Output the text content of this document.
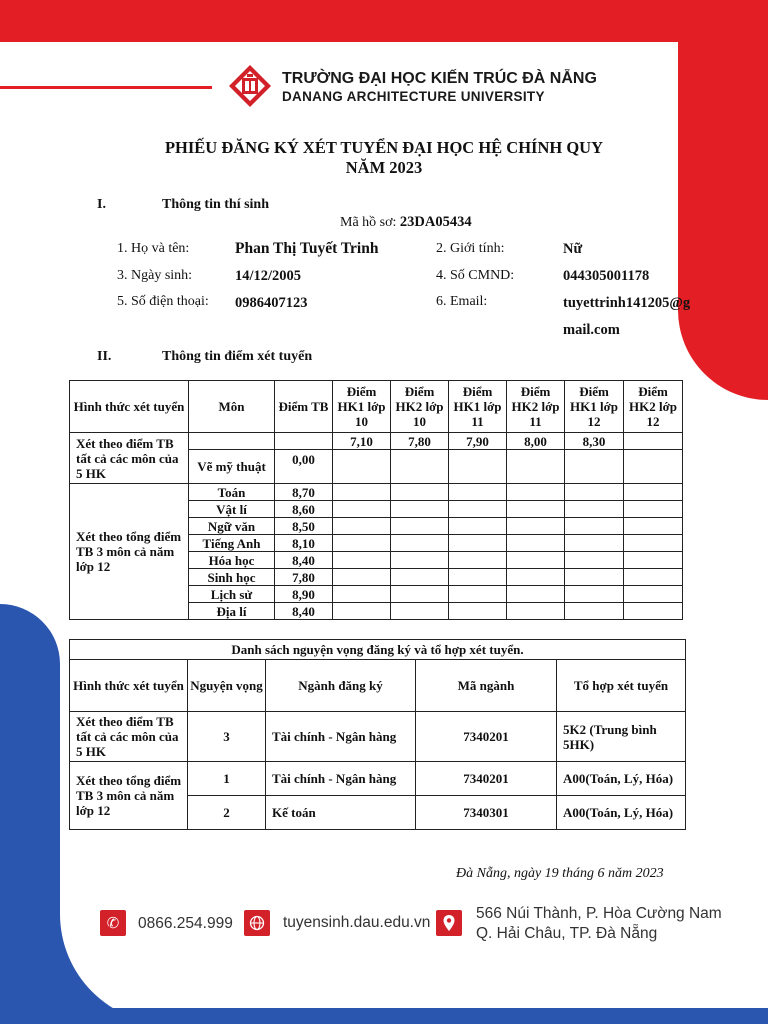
TRƯỜNG ĐẠI HỌC KIẾN TRÚC ĐÀ NẴNG
DANANG ARCHITECTURE UNIVERSITY
PHIẾU ĐĂNG KÝ XÉT TUYỂN ĐẠI HỌC HỆ CHÍNH QUY
NĂM 2023
I.	Thông tin thí sinh
Mã hồ sơ: 23DA05434
1. Họ và tên:	Phan Thị Tuyết Trinh	2. Giới tính:	Nữ
3. Ngày sinh:	14/12/2005	4. Số CMND:	044305001178
5. Số điện thoại: 0986407123	6. Email:	tuyettrinh141205@g
mail.com
II.	Thông tin điểm xét tuyển
Hình thức xét tuyển	Môn	Điểm TB	Điểm HK1 lớp 10	Điểm HK2 lớp 10	Điểm HK1 lớp 11	Điểm HK2 lớp 11	Điểm HK1 lớp 12	Điểm HK2 lớp 12
Xét theo điểm TB tất cả các môn của 5 HK			7,10	7,80	7,90	8,00	8,30	
	Vẽ mỹ thuật	0,00						
Xét theo tổng điểm TB 3 môn cả năm lớp 12	Toán	8,70						
	Vật lí	8,60						
	Ngữ văn	8,50						
	Tiếng Anh	8,10						
	Hóa học	8,40						
	Sinh học	7,80						
	Lịch sử	8,90						
	Địa lí	8,40						
Danh sách nguyện vọng đăng ký và tổ hợp xét tuyển.				
Hình thức xét tuyển	Nguyện vọng	Ngành đăng ký	Mã ngành	Tổ hợp xét tuyển
Xét theo điểm TB tất cả các môn của 5 HK	3	Tài chính - Ngân hàng	7340201	5K2 (Trung bình 5HK)
Xét theo tổng điểm TB 3 môn cả năm lớp 12	1	Tài chính - Ngân hàng	7340201	A00(Toán, Lý, Hóa)
	2	Kế toán	7340301	A00(Toán, Lý, Hóa)
Đà Nẵng, ngày 19 tháng 6 năm 2023
✆	0866.254.999	tuyensinh.dau.edu.vn
566 Núi Thành, P. Hòa Cường Nam
Q. Hải Châu, TP. Đà Nẵng
